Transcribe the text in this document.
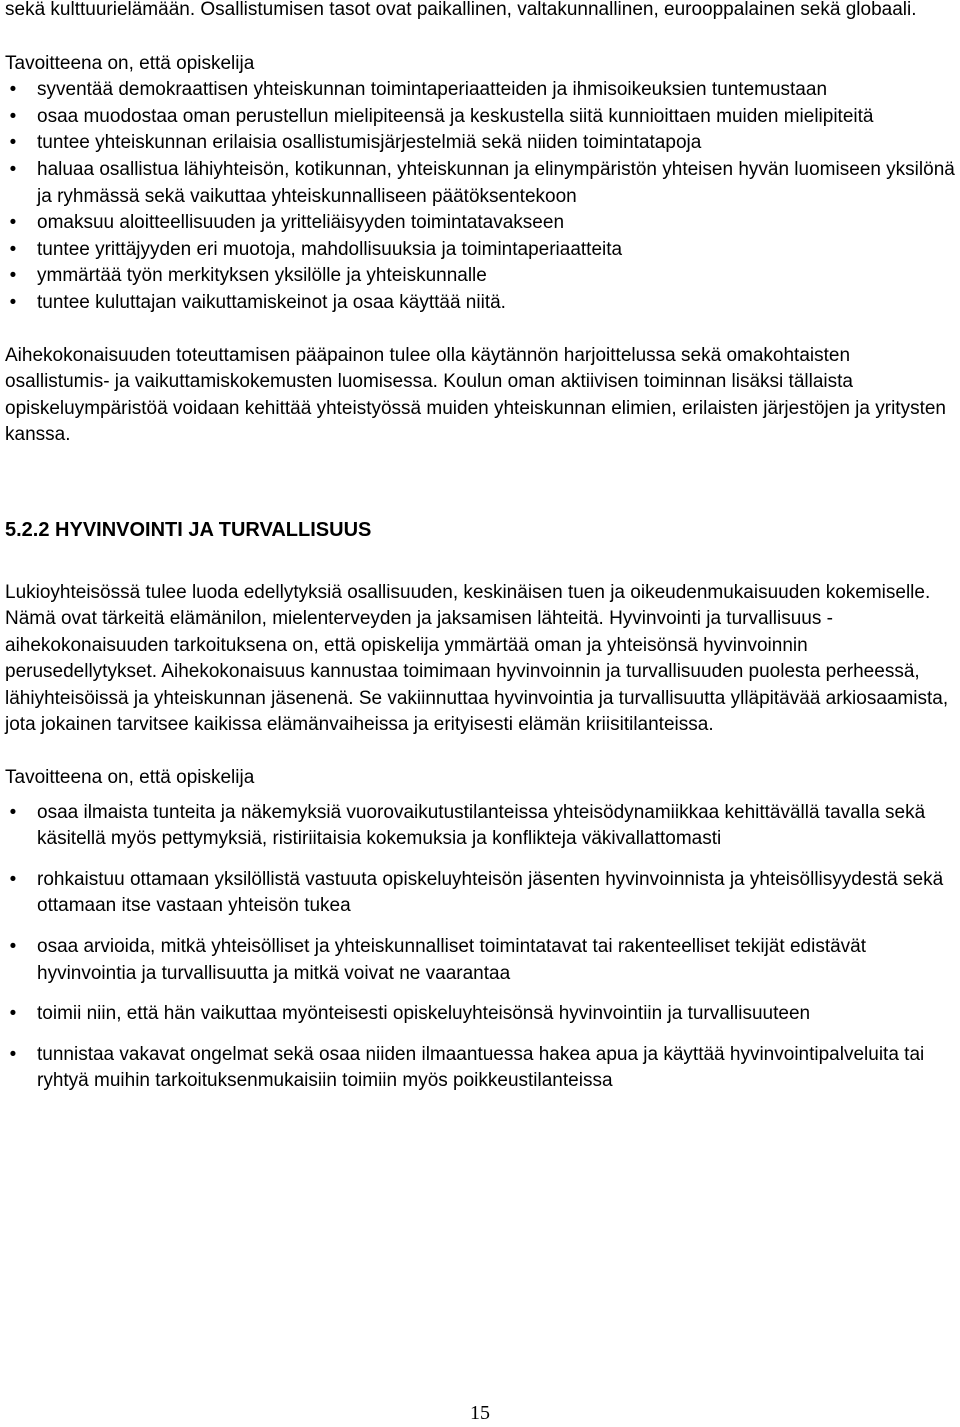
sekä kulttuurielämään. Osallistumisen tasot ovat paikallinen, valtakunnallinen, eurooppalainen sekä globaali.

Tavoitteena on, että opiskelija

• syventää demokraattisen yhteiskunnan toimintaperiaatteiden ja ihmisoikeuksien tuntemustaan
• osaa muodostaa oman perustellun mielipiteensä ja keskustella siitä kunnioittaen muiden mielipiteitä
• tuntee yhteiskunnan erilaisia osallistumisjärjestelmiä sekä niiden toimintatapoja
• haluaa osallistua lähiyhteisön, kotikunnan, yhteiskunnan ja elinympäristön yhteisen hyvän luomiseen yksilönä ja ryhmässä sekä vaikuttaa yhteiskunnalliseen päätöksentekoon
• omaksuu aloitteellisuuden ja yritteliäisyyden toimintatavakseen
• tuntee yrittäjyyden eri muotoja, mahdollisuuksia ja toimintaperiaatteita
• ymmärtää työn merkityksen yksilölle ja yhteiskunnalle
• tuntee kuluttajan vaikuttamiskeinot ja osaa käyttää niitä.

Aihekokonaisuuden toteuttamisen pääpainon tulee olla käytännön harjoittelussa sekä omakohtaisten osallistumis- ja vaikuttamiskokemusten luomisessa. Koulun oman aktiivisen toiminnan lisäksi tällaista opiskeluympäristöä voidaan kehittää yhteistyössä muiden yhteiskunnan elimien, erilaisten järjestöjen ja yritysten kanssa.

5.2.2 HYVINVOINTI JA TURVALLISUUS

Lukioyhteisössä tulee luoda edellytyksiä osallisuuden, keskinäisen tuen ja oikeudenmukaisuuden kokemiselle. Nämä ovat tärkeitä elämänilon, mielenterveyden ja jaksamisen lähteitä. Hyvinvointi ja turvallisuus -aihekokonaisuuden tarkoituksena on, että opiskelija ymmärtää oman ja yhteisönsä hyvinvoinnin perusedellytykset. Aihekokonaisuus kannustaa toimimaan hyvinvoinnin ja turvallisuuden puolesta perheessä, lähiyhteisöissä ja yhteiskunnan jäsenenä. Se vakiinnuttaa hyvinvointia ja turvallisuutta ylläpitävää arkiosaamista, jota jokainen tarvitsee kaikissa elämänvaiheissa ja erityisesti elämän kriisitilanteissa.

Tavoitteena on, että opiskelija

• osaa ilmaista tunteita ja näkemyksiä vuorovaikutustilanteissa yhteisödynamiikkaa kehittävällä tavalla sekä käsitellä myös pettymyksiä, ristiriitaisia kokemuksia ja konflikteja väkivallattomasti
• rohkaistuu ottamaan yksilöllistä vastuuta opiskeluyhteisön jäsenten hyvinvoinnista ja yhteisöllisyydestä sekä ottamaan itse vastaan yhteisön tukea
• osaa arvioida, mitkä yhteisölliset ja yhteiskunnalliset toimintatavat tai rakenteelliset tekijät edistävät hyvinvointia ja turvallisuutta ja mitkä voivat ne vaarantaa
• toimii niin, että hän vaikuttaa myönteisesti opiskeluyhteisönsä hyvinvointiin ja turvallisuuteen
• tunnistaa vakavat ongelmat sekä osaa niiden ilmaantuessa hakea apua ja käyttää hyvinvointipalveluita tai ryhtyä muihin tarkoituksenmukaisiin toimiin myös poikkeustilanteissa
15
